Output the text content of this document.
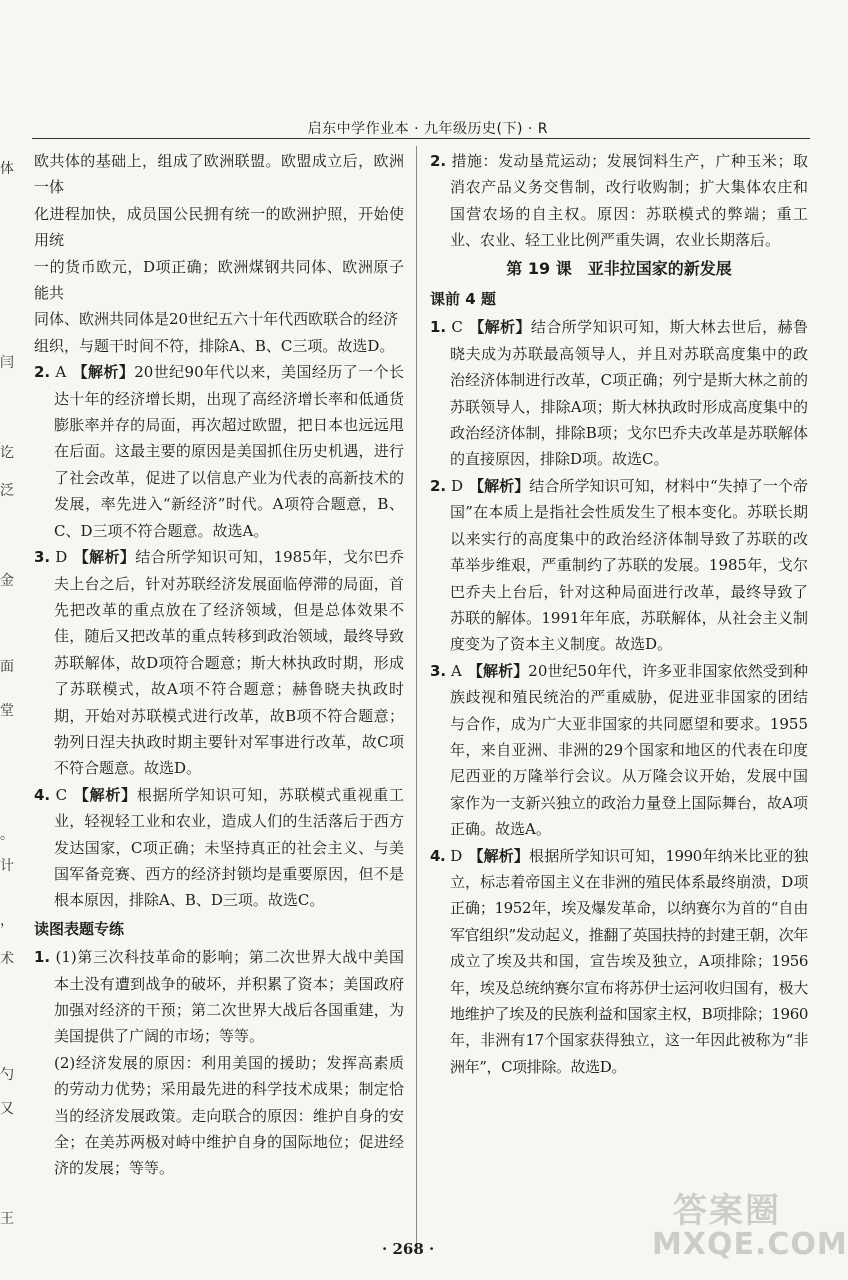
启东中学作业本 · 九年级历史(下) · R
体
闫
讫
泛
金
面
堂
。
计
，
术
勺
又
王

欧共体的基础上，组成了欧洲联盟。欧盟成立后，欧洲一体

化进程加快，成员国公民拥有统一的欧洲护照，开始使用统

一的货币欧元，D项正确；欧洲煤钢共同体、欧洲原子能共

同体、欧洲共同体是20世纪五六十年代西欧联合的经济

组织，与题干时间不符，排除A、B、C三项。故选D。

2. A 【解析】20世纪90年代以来，美国经历了一个长达十年的经济增长期，出现了高经济增长率和低通货膨胀率并存的局面，再次超过欧盟，把日本也远远甩在后面。这最主要的原因是美国抓住历史机遇，进行了社会改革，促进了以信息产业为代表的高新技术的发展，率先进入“新经济”时代。A项符合题意，B、C、D三项不符合题意。故选A。

3. D 【解析】结合所学知识可知，1985年，戈尔巴乔夫上台之后，针对苏联经济发展面临停滞的局面，首先把改革的重点放在了经济领域，但是总体效果不佳，随后又把改革的重点转移到政治领域，最终导致苏联解体，故D项符合题意；斯大林执政时期，形成了苏联模式，故A项不符合题意；赫鲁晓夫执政时期，开始对苏联模式进行改革，故B项不符合题意；勃列日涅夫执政时期主要针对军事进行改革，故C项不符合题意。故选D。

4. C 【解析】根据所学知识可知，苏联模式重视重工业，轻视轻工业和农业，造成人们的生活落后于西方发达国家，C项正确；未坚持真正的社会主义、与美国军备竞赛、西方的经济封锁均是重要原因，但不是根本原因，排除A、B、D三项。故选C。

读图表题专练

1. (1)第三次科技革命的影响；第二次世界大战中美国本土没有遭到战争的破坏，并积累了资本；美国政府加强对经济的干预；第二次世界大战后各国重建，为美国提供了广阔的市场；等等。

(2)经济发展的原因：利用美国的援助；发挥高素质的劳动力优势；采用最先进的科学技术成果；制定恰当的经济发展政策。走向联合的原因：维护自身的安全；在美苏两极对峙中维护自身的国际地位；促进经济的发展；等等。

2. 措施：发动垦荒运动；发展饲料生产，广种玉米；取消农产品义务交售制，改行收购制；扩大集体农庄和国营农场的自主权。原因：苏联模式的弊端；重工业、农业、轻工业比例严重失调，农业长期落后。

第 19 课　亚非拉国家的新发展

课前 4 题

1. C 【解析】结合所学知识可知，斯大林去世后，赫鲁晓夫成为苏联最高领导人，并且对苏联高度集中的政治经济体制进行改革，C项正确；列宁是斯大林之前的苏联领导人，排除A项；斯大林执政时形成高度集中的政治经济体制，排除B项；戈尔巴乔夫改革是苏联解体的直接原因，排除D项。故选C。

2. D 【解析】结合所学知识可知，材料中“失掉了一个帝国”在本质上是指社会性质发生了根本变化。苏联长期以来实行的高度集中的政治经济体制导致了苏联的改革举步维艰，严重制约了苏联的发展。1985年，戈尔巴乔夫上台后，针对这种局面进行改革，最终导致了苏联的解体。1991年年底，苏联解体，从社会主义制度变为了资本主义制度。故选D。

3. A 【解析】20世纪50年代，许多亚非国家依然受到种族歧视和殖民统治的严重威胁，促进亚非国家的团结与合作，成为广大亚非国家的共同愿望和要求。1955年，来自亚洲、非洲的29个国家和地区的代表在印度尼西亚的万隆举行会议。从万隆会议开始，发展中国家作为一支新兴独立的政治力量登上国际舞台，故A项正确。故选A。

4. D 【解析】根据所学知识可知，1990年纳米比亚的独立，标志着帝国主义在非洲的殖民体系最终崩溃，D项正确；1952年，埃及爆发革命，以纳赛尔为首的“自由军官组织”发动起义，推翻了英国扶持的封建王朝，次年成立了埃及共和国，宣告埃及独立，A项排除；1956年，埃及总统纳赛尔宣布将苏伊士运河收归国有，极大地维护了埃及的民族利益和国家主权，B项排除；1960年，非洲有17个国家获得独立，这一年因此被称为“非洲年”，C项排除。故选D。

· 268 ·
答案圈
MXQE.COM
